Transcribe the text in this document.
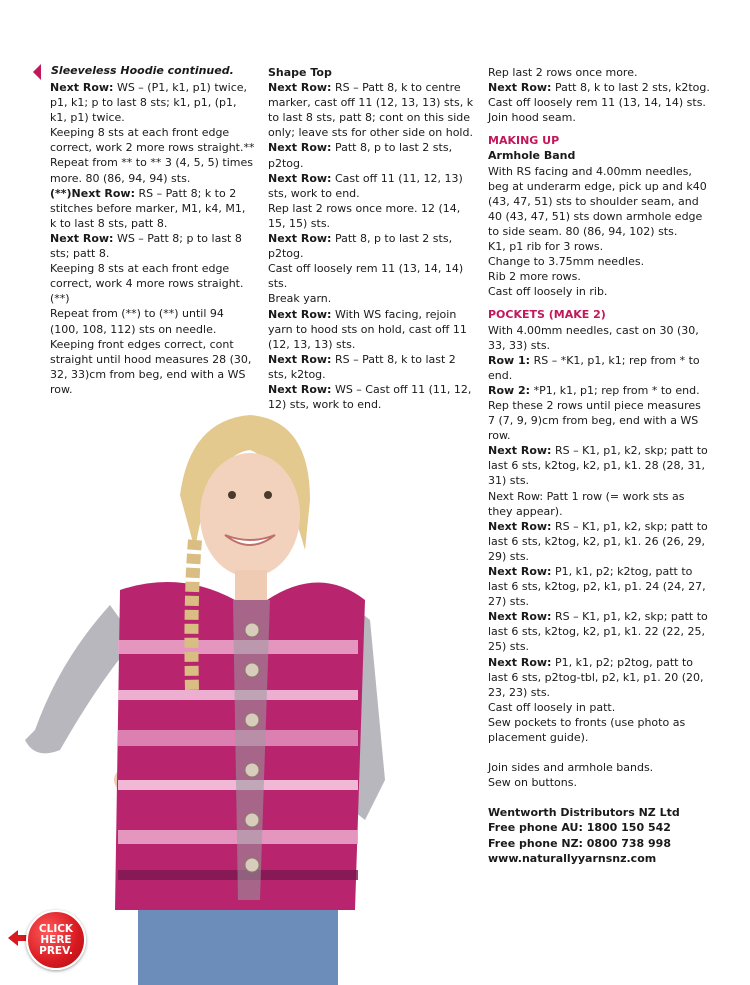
Sleeveless Hoodie continued.

Next Row: WS – (P1, k1, p1) twice, p1, k1; p to last 8 sts; k1, p1, (p1, k1, p1) twice.

Keeping 8 sts at each front edge correct, work 2 more rows straight.**

Repeat from ** to ** 3 (4, 5, 5) times more. 80 (86, 94, 94) sts.

(**)Next Row: RS – Patt 8; k to 2 stitches before marker, M1, k4, M1, k to last 8 sts, patt 8.

Next Row: WS – Patt 8; p to last 8 sts; patt 8.

Keeping 8 sts at each front edge correct, work 4 more rows straight.(**)

Repeat from (**) to (**) until 94 (100, 108, 112) sts on needle.

Keeping front edges correct, cont straight until hood measures 28 (30, 32, 33)cm from beg, end with a WS row.

Shape Top

Next Row: RS – Patt 8, k to centre marker, cast off 11 (12, 13, 13) sts, k to last 8 sts, patt 8; cont on this side only; leave sts for other side on hold.

Next Row: Patt 8, p to last 2 sts, p2tog.

Next Row: Cast off 11 (11, 12, 13) sts, work to end.

Rep last 2 rows once more. 12 (14, 15, 15) sts.

Next Row: Patt 8, p to last 2 sts, p2tog.

Cast off loosely rem 11 (13, 14, 14) sts.

Break yarn.

Next Row: With WS facing, rejoin yarn to hood sts on hold, cast off 11 (12, 13, 13) sts.

Next Row: RS – Patt 8, k to last 2 sts, k2tog.

Next Row: WS – Cast off 11 (11, 12, 12) sts, work to end.

Rep last 2 rows once more.

Next Row: Patt 8, k to last 2 sts, k2tog.

Cast off loosely rem 11 (13, 14, 14) sts.

Join hood seam.

MAKING UP

Armhole Band

With RS facing and 4.00mm needles, beg at underarm edge, pick up and k40 (43, 47, 51) sts to shoulder seam, and 40 (43, 47, 51) sts down armhole edge to side seam. 80 (86, 94, 102) sts.

K1, p1 rib for 3 rows.

Change to 3.75mm needles.

Rib 2 more rows.

Cast off loosely in rib.

POCKETS (MAKE 2)

With 4.00mm needles, cast on 30 (30, 33, 33) sts.

Row 1: RS – *K1, p1, k1; rep from * to end.

Row 2: *P1, k1, p1; rep from * to end.

Rep these 2 rows until piece measures 7 (7, 9, 9)cm from beg, end with a WS row.

Next Row: RS – K1, p1, k2, skp; patt to last 6 sts, k2tog, k2, p1, k1. 28 (28, 31, 31) sts.

Next Row: Patt 1 row (= work sts as they appear).

Next Row: RS – K1, p1, k2, skp; patt to last 6 sts, k2tog, k2, p1, k1. 26 (26, 29, 29) sts.

Next Row: P1, k1, p2; k2tog, patt to last 6 sts, k2tog, p2, k1, p1. 24 (24, 27, 27) sts.

Next Row: RS – K1, p1, k2, skp; patt to last 6 sts, k2tog, k2, p1, k1. 22 (22, 25, 25) sts.

Next Row: P1, k1, p2; p2tog, patt to last 6 sts, p2tog-tbl, p2, k1, p1. 20 (20, 23, 23) sts.

Cast off loosely in patt.

Sew pockets to fronts (use photo as placement guide).

Join sides and armhole bands.

Sew on buttons.

Wentworth Distributors NZ Ltd

Free phone AU: 1800 150 542

Free phone NZ: 0800 738 998

www.naturallyyarnsnz.com

CLICK
HERE
PREV.
